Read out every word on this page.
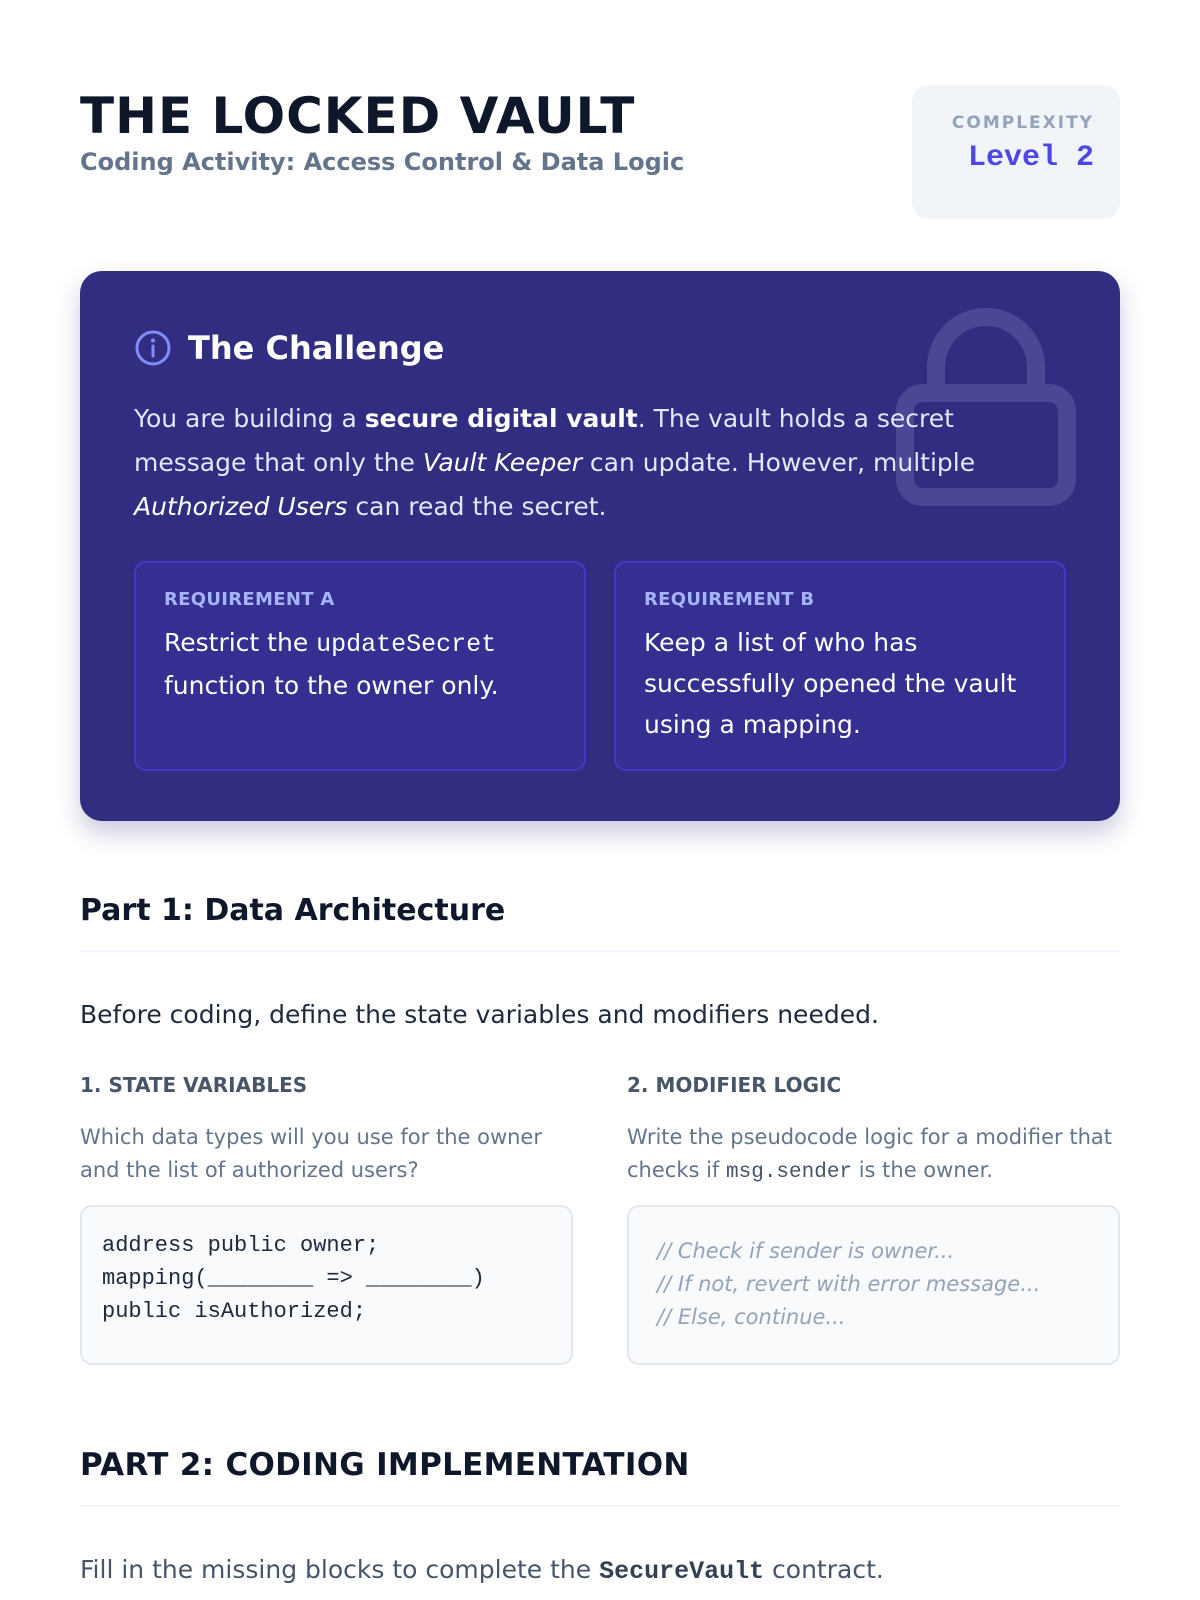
THE LOCKED VAULT
Coding Activity: Access Control & Data Logic
COMPLEXITY
Level 2
The Challenge

You are building a secure digital vault. The vault holds a secret message that only the Vault Keeper can update. However, multiple Authorized Users can read the secret.

REQUIREMENT A
Restrict the updateSecret function to the owner only.
REQUIREMENT B
Keep a list of who has successfully opened the vault using a mapping.
Part 1: Data Architecture

Before coding, define the state variables and modifiers needed.

1. STATE VARIABLES

Which data types will you use for the owner and the list of authorized users?

address public owner;
mapping(________ => ________)
public isAuthorized;
2. MODIFIER LOGIC

Write the pseudocode logic for a modifier that checks if msg.sender is the owner.

// Check if sender is owner...
// If not, revert with error message...
// Else, continue...
PART 2: CODING IMPLEMENTATION

Fill in the missing blocks to complete the SecureVault contract.
